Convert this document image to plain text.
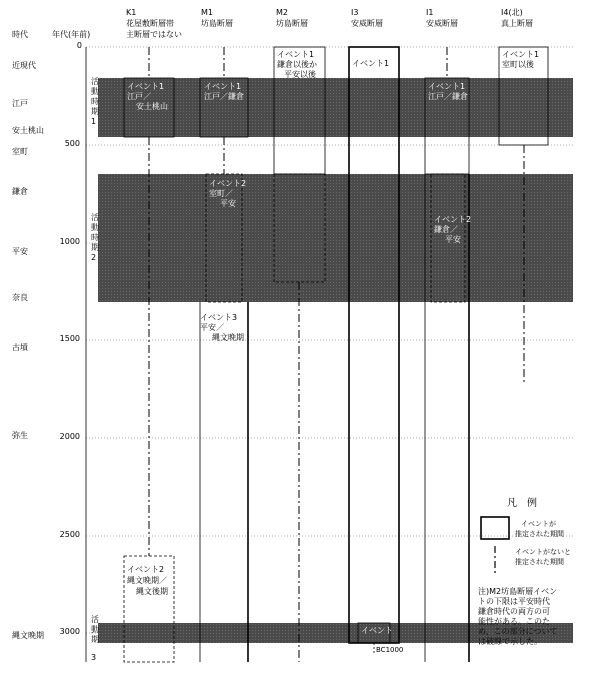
時代	年代(年前)
K1
花屋敷断層帯
主断層ではない
M1
坊島断層
M2
坊島断層
I3
安威断層
I1
安威断層
I4(北)
真上断層
近現代
江戸
安土桃山
室町
鎌倉
平安
奈良
古墳
弥生
縄文晩期
0
500
1000
1500
2000
2500
3000
活
動
時
期
1
活
動
時
期
2
活
動
期
3
イベント1
江戸／
安土桃山
イベント2
縄文晩期／
縄文後期
イベント1
江戸／鎌倉
イベント2
室町／
平安
イベント3
平安／
縄文晩期
イベント1
鎌倉以後か
平安以後
イベント1
イベント
BC1000
イベント1
江戸／鎌倉
イベント2
鎌倉／
平安
イベント1
室町以後
凡　例
イベントが
推定された期間
イベントがないと
推定された期間
注)M2坊島断層イベン
トの下限は平安時代
鎌倉時代の両方の可
能性がある。このた
め、この部分について
は破線で示した。
